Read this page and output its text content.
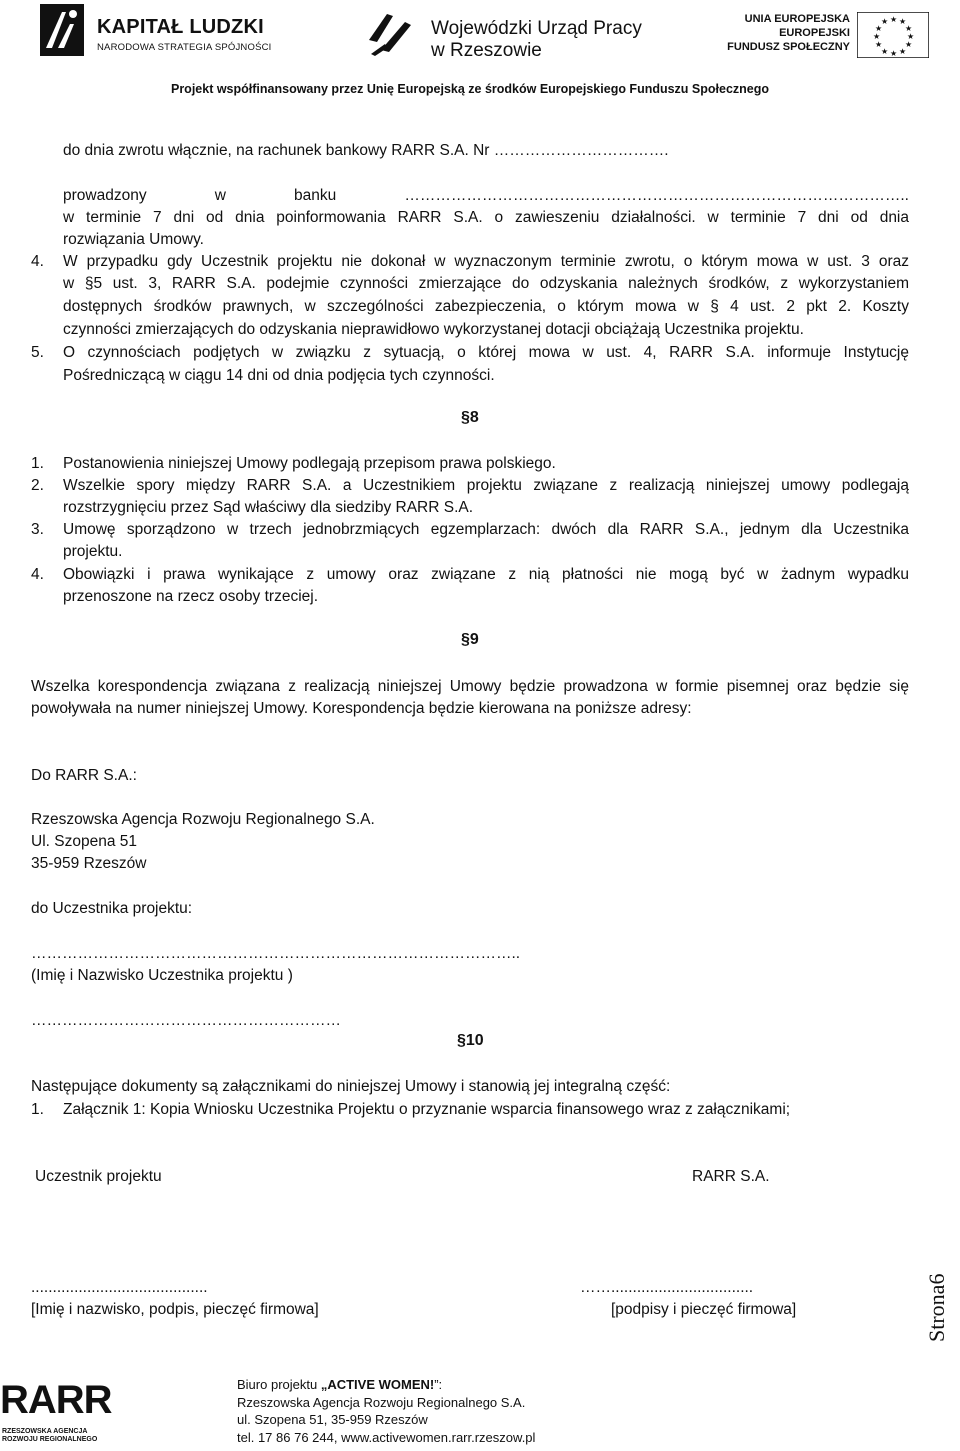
KAPITAŁ LUDZKI
NARODOWA STRATEGIA SPÓJNOŚCI
Wojewódzki Urząd Pracy
w Rzeszowie
UNIA EUROPEJSKA
EUROPEJSKI
FUNDUSZ SPOŁECZNY
★ ★
★
★
★
★
★
★
★
★
★
★
Projekt współfinansowany przez Unię Europejską ze środków Europejskiego Funduszu Społecznego
do dnia zwrotu włącznie, na rachunek bankowy RARR S.A. Nr …………………………….
prowadzony w banku ……………………………………………………………………………………..
w terminie 7 dni od dnia poinformowania RARR S.A. o zawieszeniu działalności. w terminie 7 dni od dnia
rozwiązania Umowy.
4. W przypadku gdy Uczestnik projektu nie dokonał w wyznaczonym terminie zwrotu, o którym mowa w ust. 3 oraz
w §5 ust. 3, RARR S.A. podejmie czynności zmierzające do odzyskania należnych środków, z wykorzystaniem
dostępnych środków prawnych, w szczególności zabezpieczenia, o którym mowa w § 4 ust. 2 pkt 2. Koszty
czynności zmierzających do odzyskania nieprawidłowo wykorzystanej dotacji obciążają Uczestnika projektu.
5. O czynnościach podjętych w związku z sytuacją, o której mowa w ust. 4, RARR S.A. informuje Instytucję
Pośredniczącą w ciągu 14 dni od dnia podjęcia tych czynności.
§8
1. Postanowienia niniejszej Umowy podlegają przepisom prawa polskiego.
2. Wszelkie spory między RARR S.A. a Uczestnikiem projektu związane z realizacją niniejszej umowy podlegają
rozstrzygnięciu przez Sąd właściwy dla siedziby RARR S.A.
3. Umowę sporządzono w trzech jednobrzmiących egzemplarzach: dwóch dla RARR S.A., jednym dla Uczestnika
projektu.
4. Obowiązki i prawa wynikające z umowy oraz związane z nią płatności nie mogą być w żadnym wypadku
przenoszone na rzecz osoby trzeciej.
§9
Wszelka korespondencja związana z realizacją niniejszej Umowy będzie prowadzona w formie pisemnej oraz będzie się
powoływała na numer niniejszej Umowy. Korespondencja będzie kierowana na poniższe adresy:
Do RARR S.A.:
Rzeszowska Agencja Rozwoju Regionalnego S.A.
Ul. Szopena 51
35-959 Rzeszów
do Uczestnika projektu:
…………………………………………………………………………………..
(Imię i Nazwisko Uczestnika projektu )
……………………………………………………
§10
Następujące dokumenty są załącznikami do niniejszej Umowy i stanowią jej integralną część:
1. Załącznik 1: Kopia Wniosku Uczestnika Projektu o przyznanie wsparcia finansowego wraz z załącznikami;
Uczestnik projektu	RARR S.A.
.........................................	…….................................
[Imię i nazwisko, podpis, pieczęć firmowa]	[podpisy i pieczęć firmowa]	Strona6
RARR
RZESZOWSKA AGENCJA
ROZWOJU REGIONALNEGO
Biuro projektu „ACTIVE WOMEN!”:
Rzeszowska Agencja Rozwoju Regionalnego S.A.
ul. Szopena 51, 35-959 Rzeszów
tel. 17 86 76 244, www.activewomen.rarr.rzeszow.pl
